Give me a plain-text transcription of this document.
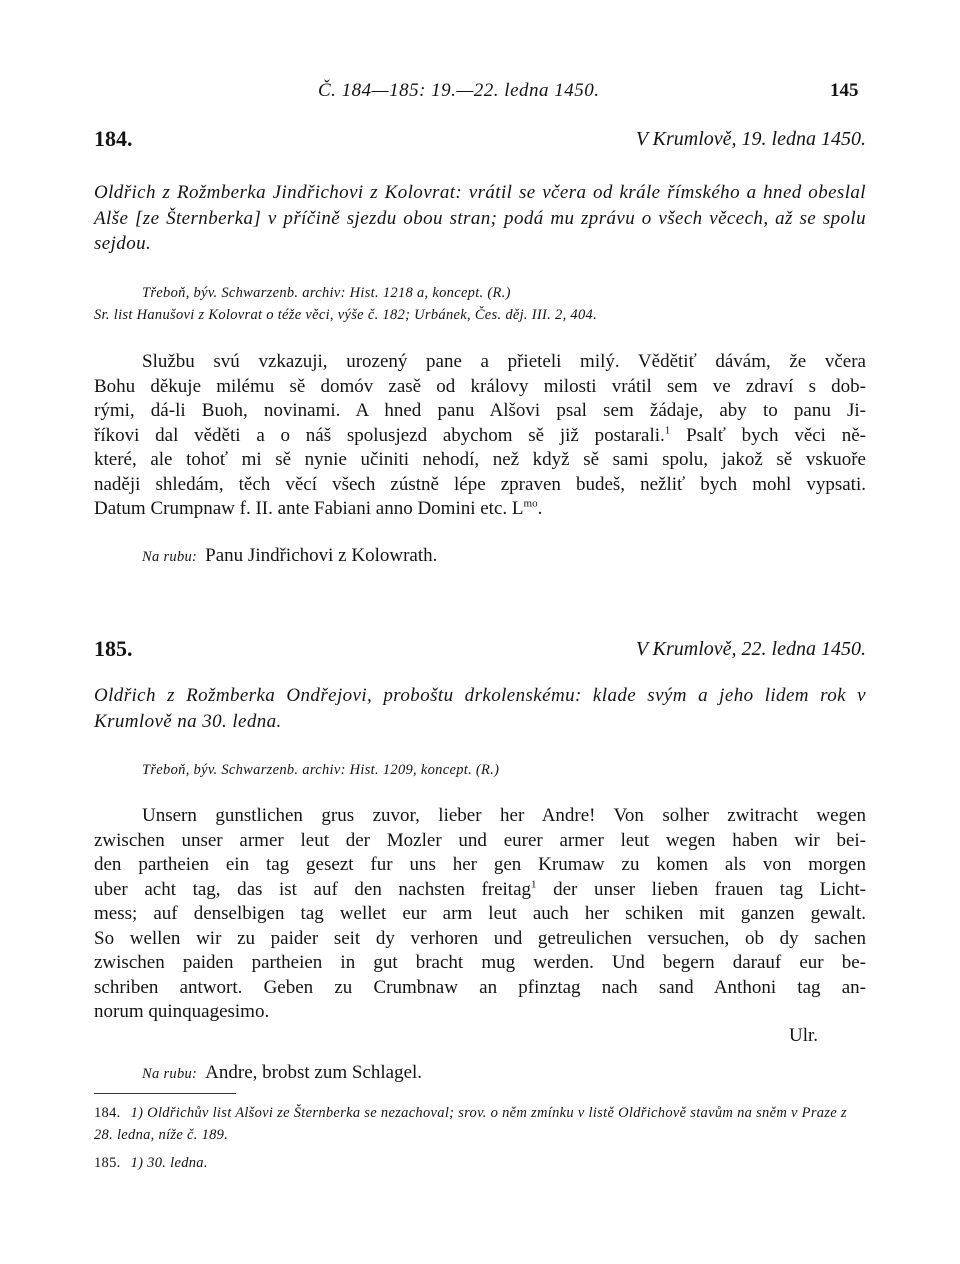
Č. 184—185: 19.—22. ledna 1450.	145
184.	V Krumlově, 19. ledna 1450.
Oldřich z Rožmberka Jindřichovi z Kolovrat: vrátil se včera od krále římského a hned obeslal Alše [ze Šternberka] v příčině sjezdu obou stran; podá mu zprávu o všech věcech, až se spolu sejdou.
Třeboň, býv. Schwarzenb. archiv: Hist. 1218 a, koncept. (R.)
Sr. list Hanušovi z Kolovrat o téže věci, výše č. 182; Urbánek, Čes. děj. III. 2, 404.
Službu svú vzkazuji, urozený pane a přieteli milý. Vědětiť dávám, že včera
Bohu děkuje milému sě domóv zasě od královy milosti vrátil sem ve zdraví s dob-
rými, dá-li Buoh, novinami. A hned panu Alšovi psal sem žádaje, aby to panu Ji-
říkovi dal věděti a o náš spolusjezd abychom sě již postarali.$^1$ Psalť bych věci ně-
které, ale tohoť mi sě nynie učiniti nehodí, než když sě sami spolu, jakož sě vskuoře
naději shledám, těch věcí všech zústně lépe zpraven budeš, nežliť bych mohl vypsati.
Datum Crumpnaw f. II. ante Fabiani anno Domini etc. $L^{mo}$.
Na rubu: Panu Jindřichovi z Kolowrath.
185.	V Krumlově, 22. ledna 1450.
Oldřich z Rožmberka Ondřejovi, proboštu drkolenskému: klade svým a jeho lidem rok v Krumlově na 30. ledna.
Třeboň, býv. Schwarzenb. archiv: Hist. 1209, koncept. (R.)
Unsern gunstlichen grus zuvor, lieber her Andre! Von solher zwitracht wegen
zwischen unser armer leut der Mozler und eurer armer leut wegen haben wir bei-
den partheien ein tag gesezt fur uns her gen Krumaw zu komen als von morgen
uber acht tag, das ist auf den nachsten freitag$^1$ der unser lieben frauen tag Licht-
mess; auf denselbigen tag wellet eur arm leut auch her schiken mit ganzen gewalt.
So wellen wir zu paider seit dy verhoren und getreulichen versuchen, ob dy sachen
zwischen paiden partheien in gut bracht mug werden. Und begern darauf eur be-
schriben antwort. Geben zu Crumbnaw an pfinztag nach sand Anthoni tag an-
norum quinquagesimo.
Ulr.
Na rubu: Andre, brobst zum Schlagel.
184. 1) Oldřichův list Alšovi ze Šternberka se nezachoval; srov. o něm zmínku v listě Oldřichově stavům na sněm v Praze z 28. ledna, níže č. 189.
185. 1) 30. ledna.
